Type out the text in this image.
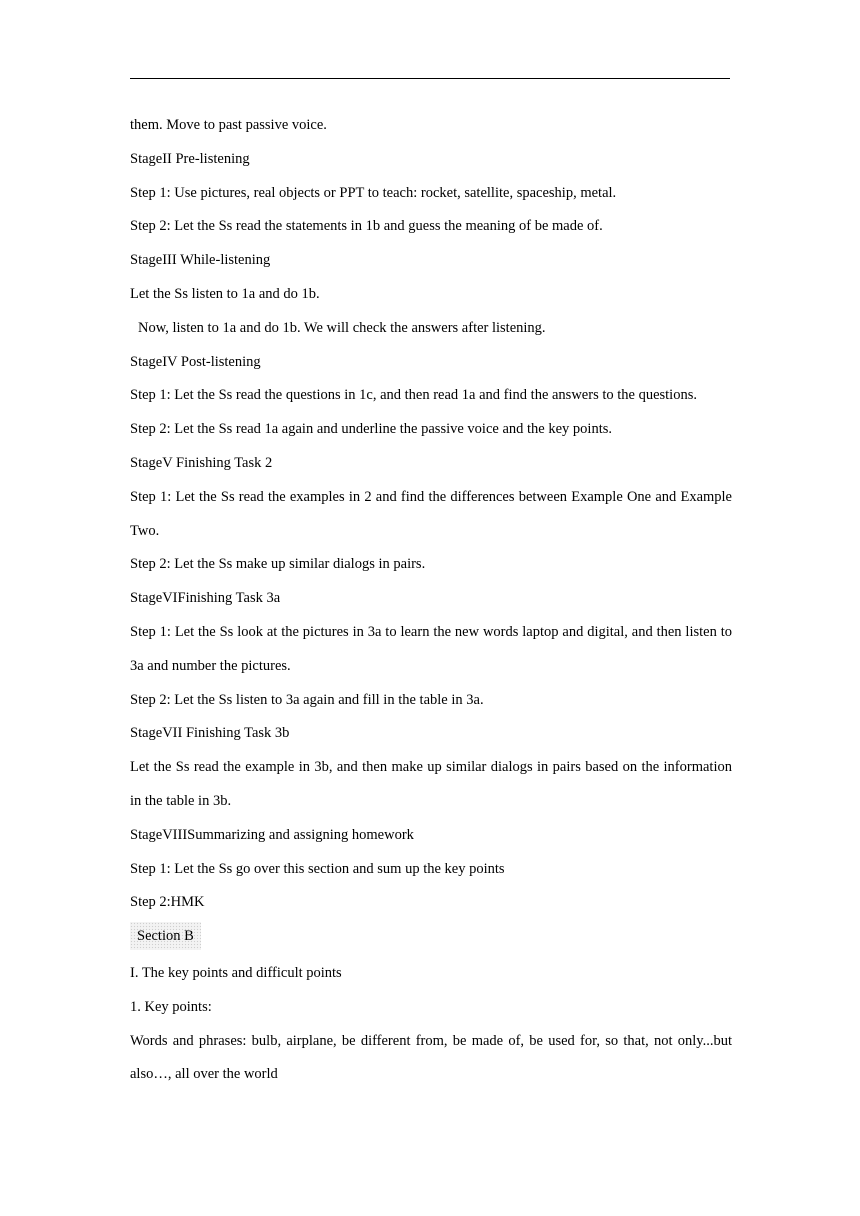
them. Move to past passive voice.

StageII Pre-listening

Step 1: Use pictures, real objects or PPT to teach: rocket, satellite, spaceship, metal.

Step 2: Let the Ss read the statements in 1b and guess the meaning of be made of.

StageIII While-listening

Let the Ss listen to 1a and do 1b.

Now, listen to 1a and do 1b. We will check the answers after listening.

StageIV Post-listening

Step 1: Let the Ss read the questions in 1c, and then read 1a and find the answers to the questions.

Step 2: Let the Ss read 1a again and underline the passive voice and the key points.

StageV Finishing Task 2

Step 1: Let the Ss read the examples in 2 and find the differences between Example One and Example Two.

Step 2: Let the Ss make up similar dialogs in pairs.

StageVIFinishing Task 3a

Step 1: Let the Ss look at the pictures in 3a to learn the new words laptop and digital, and then listen to 3a and number the pictures.

Step 2: Let the Ss listen to 3a again and fill in the table in 3a.

StageVII Finishing Task 3b

Let the Ss read the example in 3b, and then make up similar dialogs in pairs based on the information in the table in 3b.

StageVIIISummarizing and assigning homework

Step 1: Let the Ss go over this section and sum up the key points

Step 2:HMK

Section B

I. The key points and difficult points

1. Key points:

Words and phrases: bulb, airplane, be different from, be made of, be used for, so that, not only...but also…, all over the world
